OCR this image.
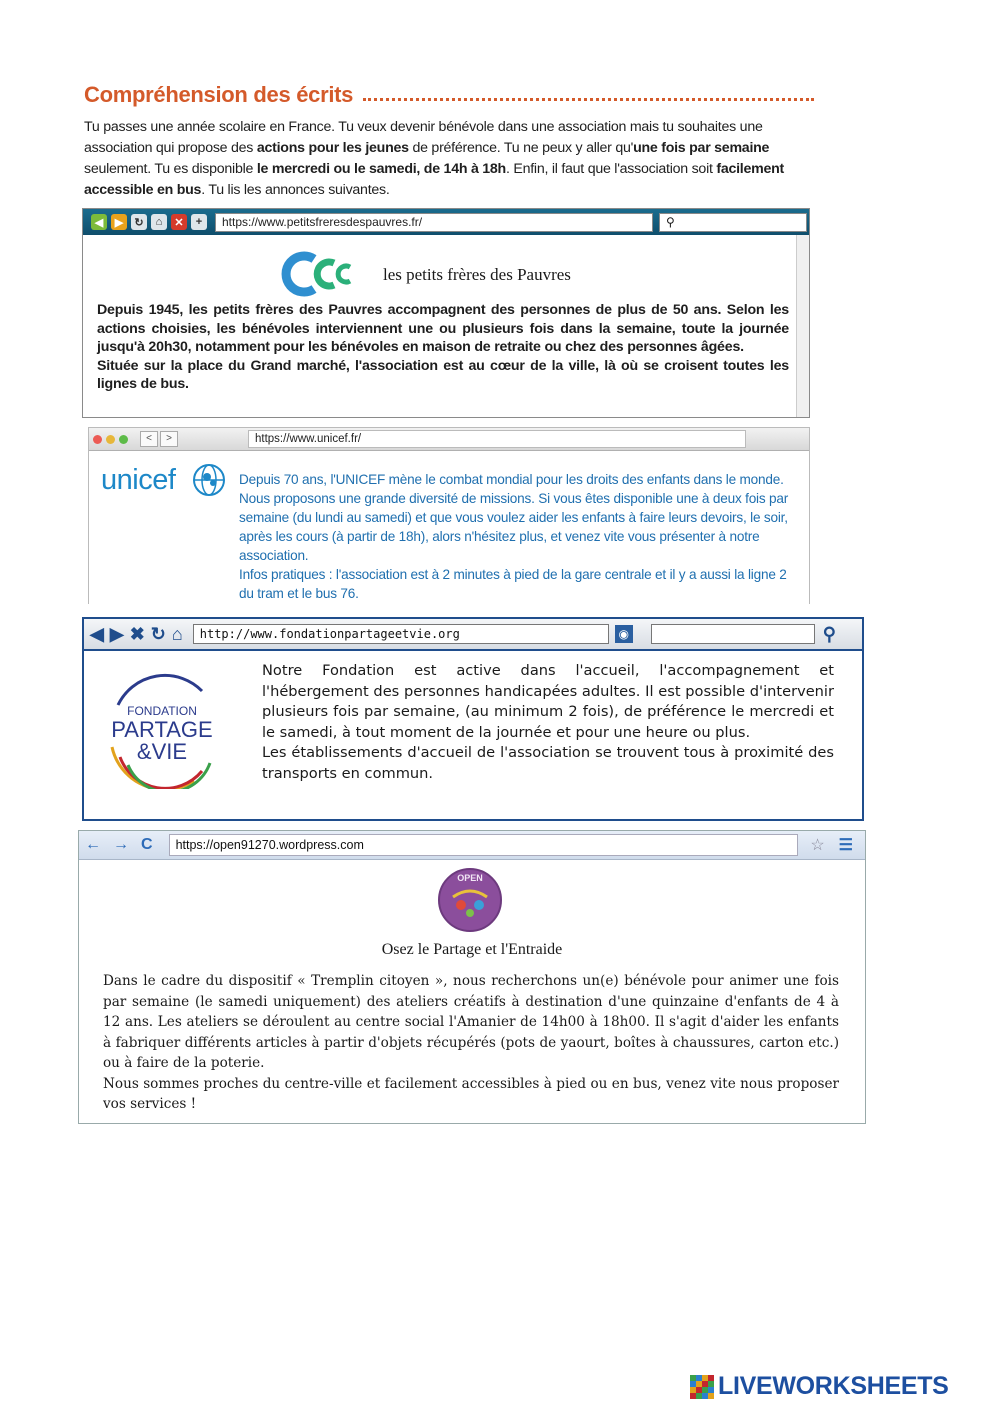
Compréhension des écrits
Tu passes une année scolaire en France. Tu veux devenir bénévole dans une association mais tu souhaites une association qui propose des actions pour les jeunes de préférence. Tu ne peux y aller qu'une fois par semaine seulement. Tu es disponible le mercredi ou le samedi, de 14h à 18h. Enfin, il faut que l'association soit facilement accessible en bus. Tu lis les annonces suivantes.
◀	▶	↻	⌂	✕	+	https://www.petitsfreresdespauvres.fr/	⚲
les petits frères des Pauvres
Depuis 1945, les petits frères des Pauvres accompagnent des personnes de plus de 50 ans. Selon les actions choisies, les bénévoles interviennent une ou plusieurs fois dans la semaine, toute la journée jusqu'à 20h30, notamment pour les bénévoles en maison de retraite ou chez des personnes âgées.
Située sur la place du Grand marché, l'association est au cœur de la ville, là où se croisent toutes les lignes de bus.
<	>	https://www.unicef.fr/
unicef	Depuis 70 ans, l'UNICEF mène le combat mondial pour les droits des enfants dans le monde. Nous proposons une grande diversité de missions. Si vous êtes disponible une à deux fois par semaine (du lundi au samedi) et que vous voulez aider les enfants à faire leurs devoirs, le soir, après les cours (à partir de 18h), alors n'hésitez plus, et venez vite vous présenter à notre association.
Infos pratiques : l'association est à 2 minutes à pied de la gare centrale et il y a aussi la ligne 2 du tram et le bus 76.
◀ ▶ ✖ ↻ ⌂	http://www.fondationpartageetvie.org	◉	⚲
FONDATION
PARTAGE
&VIE
Notre Fondation est active dans l'accueil, l'accompagnement et l'hébergement des personnes handicapées adultes. Il est possible d'intervenir plusieurs fois par semaine, (au minimum 2 fois), de préférence le mercredi et le samedi, à tout moment de la journée et pour une heure ou plus.
Les établissements d'accueil de l'association se trouvent tous à proximité des transports en commun.
← → C	https://open91270.wordpress.com	☆ ☰
OPEN
Osez le Partage et l'Entraide
Dans le cadre du dispositif « Tremplin citoyen », nous recherchons un(e) bénévole pour animer une fois par semaine (le samedi uniquement) des ateliers créatifs à destination d'une quinzaine d'enfants de 4 à 12 ans. Les ateliers se déroulent au centre social l'Amanier de 14h00 à 18h00. Il s'agit d'aider les enfants à fabriquer différents articles à partir d'objets récupérés (pots de yaourt, boîtes à chaussures, carton etc.) ou à faire de la poterie.
Nous sommes proches du centre-ville et facilement accessibles à pied ou en bus, venez vite nous proposer vos services !
LIVEWORKSHEETS
